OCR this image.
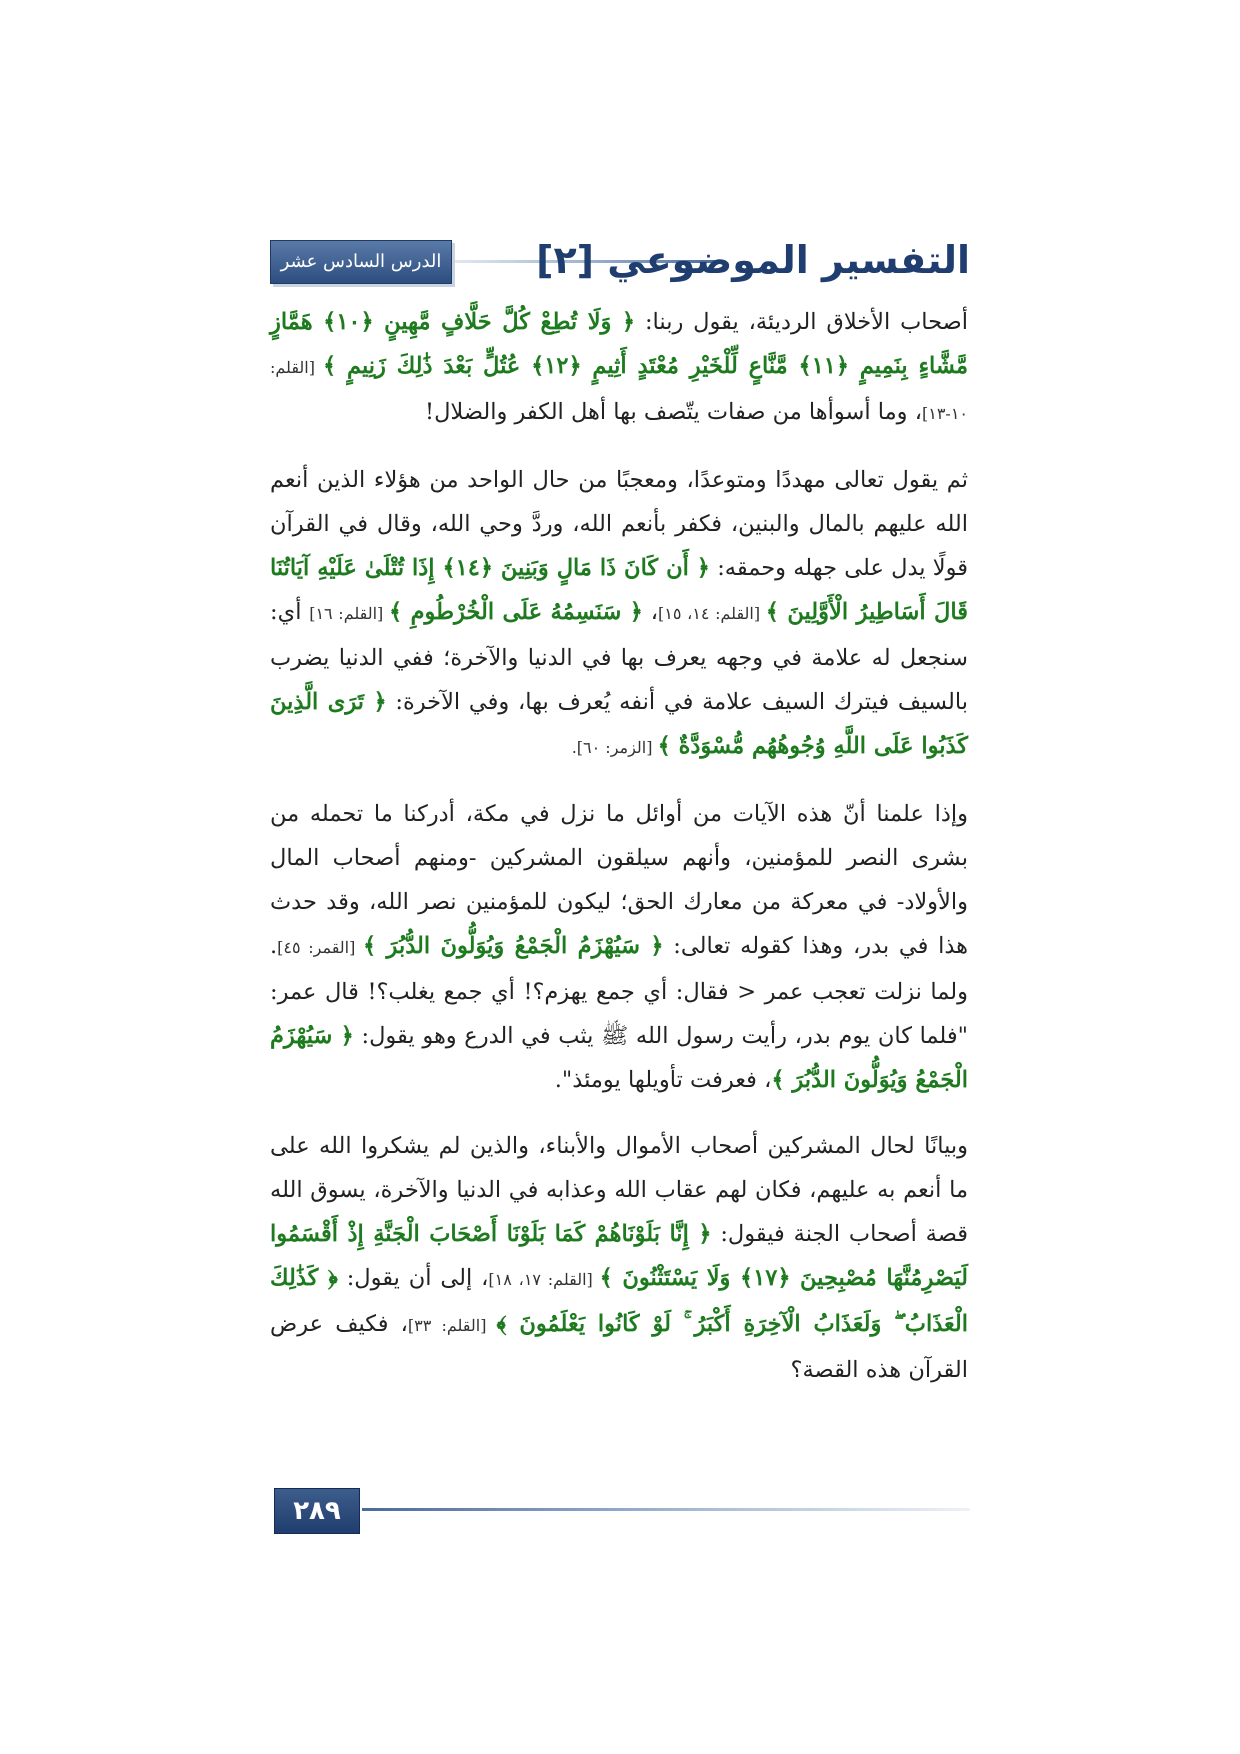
الدرس السادس عشر التفسير الموضوعي [٢]

أصحاب الأخلاق الرديئة، يقول ربنا: ﴿ وَلَا تُطِعْ كُلَّ حَلَّافٍ مَّهِينٍ ﴿١٠﴾ هَمَّازٍ مَّشَّاءٍ بِنَمِيمٍ ﴿١١﴾ مَّنَّاعٍ لِّلْخَيْرِ مُعْتَدٍ أَثِيمٍ ﴿١٢﴾ عُتُلٍّ بَعْدَ ذَٰلِكَ زَنِيمٍ ﴾ [القلم: ١٠-١٣]، وما أسوأها من صفات يتّصف بها أهل الكفر والضلال!

ثم يقول تعالى مهددًا ومتوعدًا، ومعجبًا من حال الواحد من هؤلاء الذين أنعم الله عليهم بالمال والبنين، فكفر بأنعم الله، وردَّ وحي الله، وقال في القرآن قولًا يدل على جهله وحمقه: ﴿ أَن كَانَ ذَا مَالٍ وَبَنِينَ ﴿١٤﴾ إِذَا تُتْلَىٰ عَلَيْهِ آيَاتُنَا قَالَ أَسَاطِيرُ الْأَوَّلِينَ ﴾ [القلم: ١٤، ١٥]، ﴿ سَنَسِمُهُ عَلَى الْخُرْطُومِ ﴾ [القلم: ١٦] أي: سنجعل له علامة في وجهه يعرف بها في الدنيا والآخرة؛ ففي الدنيا يضرب بالسيف فيترك السيف علامة في أنفه يُعرف بها، وفي الآخرة: ﴿ تَرَى الَّذِينَ كَذَبُوا عَلَى اللَّهِ وُجُوهُهُم مُّسْوَدَّةٌ ﴾ [الزمر: ٦٠].

وإذا علمنا أنّ هذه الآيات من أوائل ما نزل في مكة، أدركنا ما تحمله من بشرى النصر للمؤمنين، وأنهم سيلقون المشركين -ومنهم أصحاب المال والأولاد- في معركة من معارك الحق؛ ليكون للمؤمنين نصر الله، وقد حدث هذا في بدر، وهذا كقوله تعالى: ﴿ سَيُهْزَمُ الْجَمْعُ وَيُوَلُّونَ الدُّبُرَ ﴾ [القمر: ٤٥]. ولما نزلت تعجب عمر < فقال: أي جمع يهزم؟! أي جمع يغلب؟! قال عمر: "فلما كان يوم بدر، رأيت رسول الله ﷺ يثب في الدرع وهو يقول: ﴿ سَيُهْزَمُ الْجَمْعُ وَيُوَلُّونَ الدُّبُرَ ﴾، فعرفت تأويلها يومئذ".

وبيانًا لحال المشركين أصحاب الأموال والأبناء، والذين لم يشكروا الله على ما أنعم به عليهم، فكان لهم عقاب الله وعذابه في الدنيا والآخرة، يسوق الله قصة أصحاب الجنة فيقول: ﴿ إِنَّا بَلَوْنَاهُمْ كَمَا بَلَوْنَا أَصْحَابَ الْجَنَّةِ إِذْ أَقْسَمُوا لَيَصْرِمُنَّهَا مُصْبِحِينَ ﴿١٧﴾ وَلَا يَسْتَثْنُونَ ﴾ [القلم: ١٧، ١٨]، إلى أن يقول: ﴿ كَذَٰلِكَ الْعَذَابُ ۖ وَلَعَذَابُ الْآخِرَةِ أَكْبَرُ ۚ لَوْ كَانُوا يَعْلَمُونَ ﴾ [القلم: ٣٣]، فكيف عرض القرآن هذه القصة؟

٢٨٩
